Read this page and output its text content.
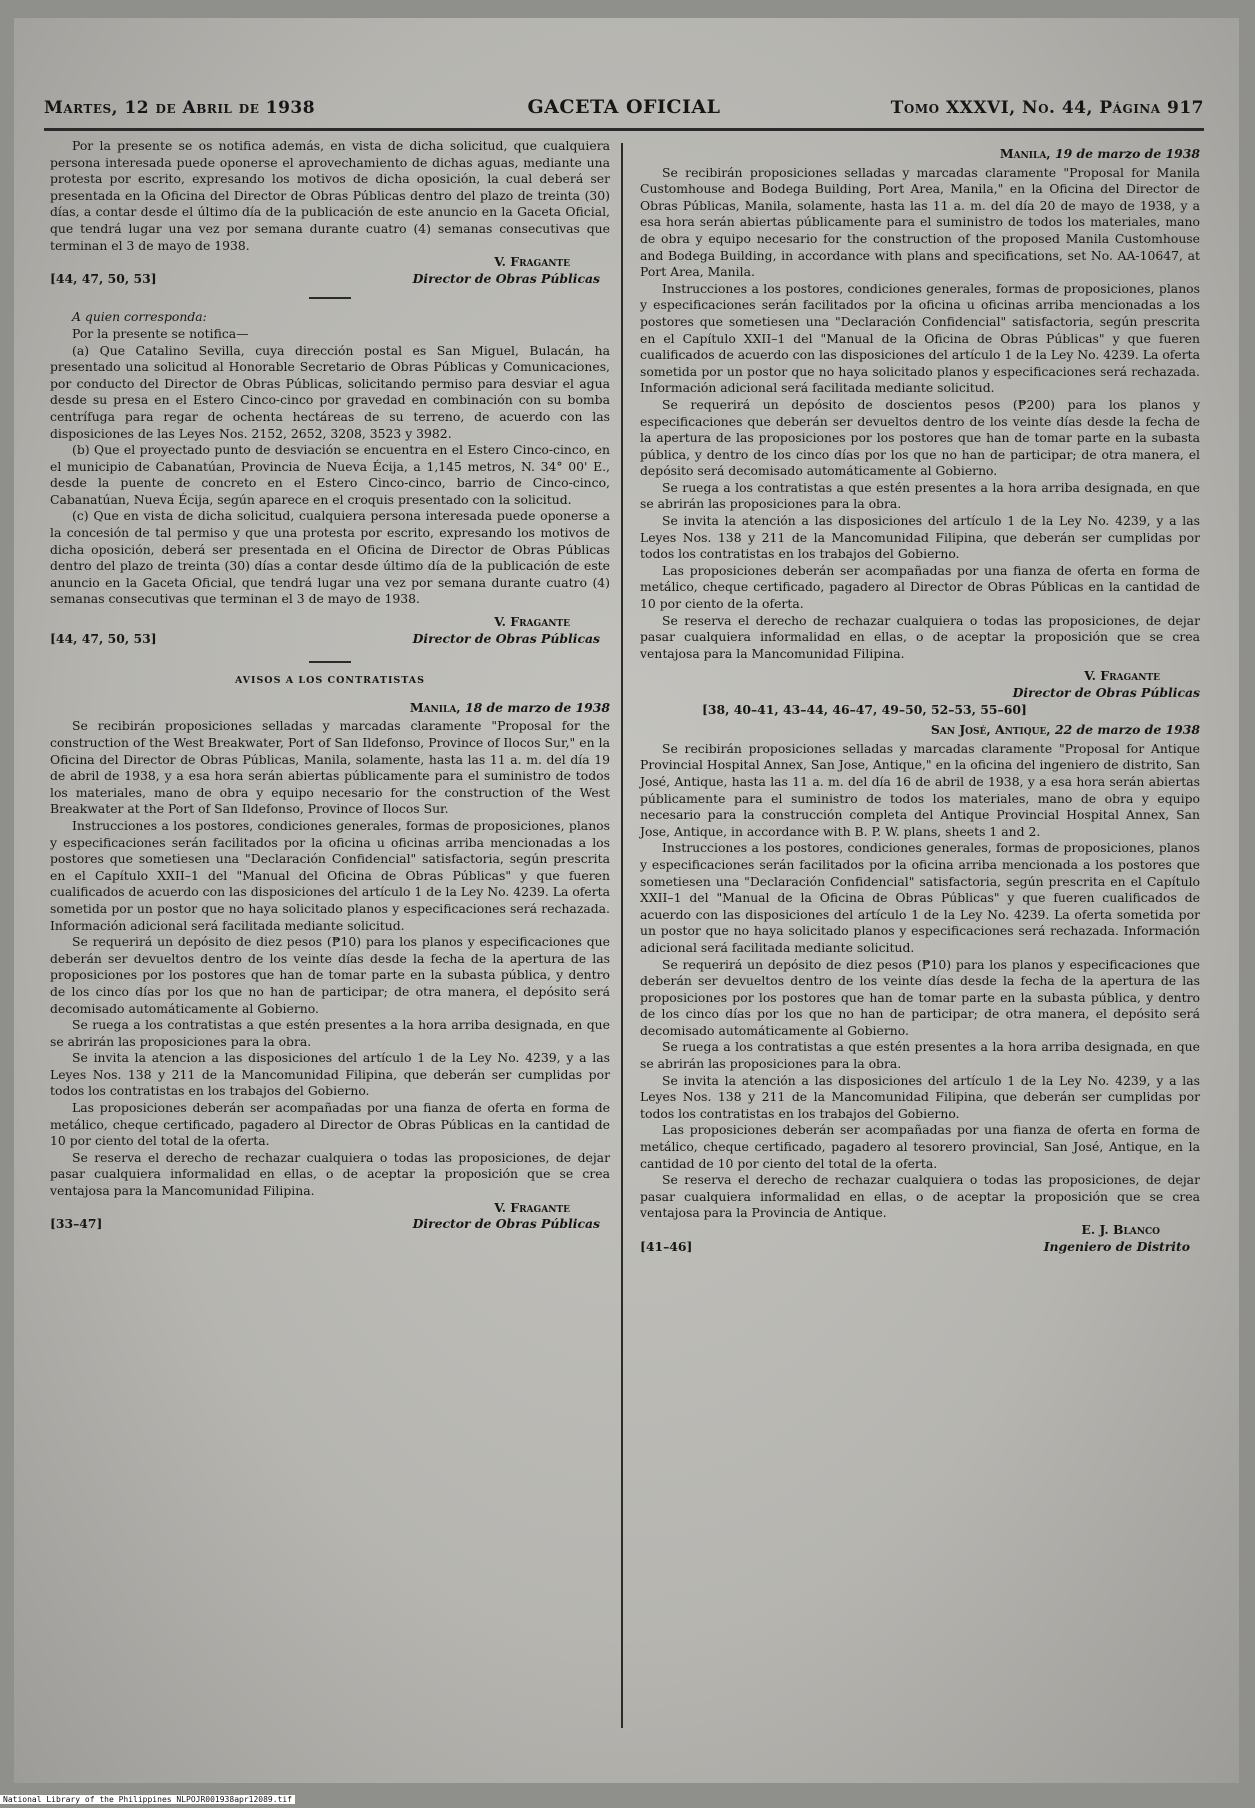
Martes, 12 de Abril de 1938	GACETA OFICIAL	Tomo XXXVI, No. 44, Página 917

Por la presente se os notifica además, en vista de dicha solicitud, que cualquiera persona interesada puede oponerse el aprovechamiento de dichas aguas, mediante una protesta por escrito, expresando los motivos de dicha oposición, la cual deberá ser presentada en la Oficina del Director de Obras Públicas dentro del plazo de treinta (30) días, a contar desde el último día de la publicación de este anuncio en la Gaceta Oficial, que tendrá lugar una vez por semana durante cuatro (4) semanas consecutivas que terminan el 3 de mayo de 1938.

V. Fragante

[44, 47, 50, 53]	Director de Obras Públicas

A quien corresponda:

Por la presente se notifica—

(a) Que Catalino Sevilla, cuya dirección postal es San Miguel, Bulacán, ha presentado una solicitud al Honorable Secretario de Obras Públicas y Comunicaciones, por conducto del Director de Obras Públicas, solicitando permiso para desviar el agua desde su presa en el Estero Cinco-cinco por gravedad en combinación con su bomba centrífuga para regar de ochenta hectáreas de su terreno, de acuerdo con las disposiciones de las Leyes Nos. 2152, 2652, 3208, 3523 y 3982.

(b) Que el proyectado punto de desviación se encuentra en el Estero Cinco-cinco, en el municipio de Cabanatúan, Provincia de Nueva Écija, a 1,145 metros, N. 34° 00' E., desde la puente de concreto en el Estero Cinco-cinco, barrio de Cinco-cinco, Cabanatúan, Nueva Écija, según aparece en el croquis presentado con la solicitud.

(c) Que en vista de dicha solicitud, cualquiera persona interesada puede oponerse a la concesión de tal permiso y que una protesta por escrito, expresando los motivos de dicha oposición, deberá ser presentada en el Oficina de Director de Obras Públicas dentro del plazo de treinta (30) días a contar desde último día de la publicación de este anuncio en la Gaceta Oficial, que tendrá lugar una vez por semana durante cuatro (4) semanas consecutivas que terminan el 3 de mayo de 1938.

V. Fragante

[44, 47, 50, 53]	Director de Obras Públicas
AVISOS A LOS CONTRATISTAS
Manila, 18 de marzo de 1938

Se recibirán proposiciones selladas y marcadas claramente "Proposal for the construction of the West Breakwater, Port of San Ildefonso, Province of Ilocos Sur," en la Oficina del Director de Obras Públicas, Manila, solamente, hasta las 11 a. m. del día 19 de abril de 1938, y a esa hora serán abiertas públicamente para el suministro de todos los materiales, mano de obra y equipo necesario for the construction of the West Breakwater at the Port of San Ildefonso, Province of Ilocos Sur.

Instrucciones a los postores, condiciones generales, formas de proposiciones, planos y especificaciones serán facilitados por la oficina u oficinas arriba mencionadas a los postores que sometiesen una "Declaración Confidencial" satisfactoria, según prescrita en el Capítulo XXII–1 del "Manual del Oficina de Obras Públicas" y que fueren cualificados de acuerdo con las disposiciones del artículo 1 de la Ley No. 4239. La oferta sometida por un postor que no haya solicitado planos y especificaciones será rechazada. Información adicional será facilitada mediante solicitud.

Se requerirá un depósito de diez pesos (₱10) para los planos y especificaciones que deberán ser devueltos dentro de los veinte días desde la fecha de la apertura de las proposiciones por los postores que han de tomar parte en la subasta pública, y dentro de los cinco días por los que no han de participar; de otra manera, el depósito será decomisado automáticamente al Gobierno.

Se ruega a los contratistas a que estén presentes a la hora arriba designada, en que se abrirán las proposiciones para la obra.

Se invita la atencion a las disposiciones del artículo 1 de la Ley No. 4239, y a las Leyes Nos. 138 y 211 de la Mancomunidad Filipina, que deberán ser cumplidas por todos los contratistas en los trabajos del Gobierno.

Las proposiciones deberán ser acompañadas por una fianza de oferta en forma de metálico, cheque certificado, pagadero al Director de Obras Públicas en la cantidad de 10 por ciento del total de la oferta.

Se reserva el derecho de rechazar cualquiera o todas las proposiciones, de dejar pasar cualquiera informalidad en ellas, o de aceptar la proposición que se crea ventajosa para la Mancomunidad Filipina.

V. Fragante

[33–47]	Director de Obras Públicas
Manila, 19 de marzo de 1938

Se recibirán proposiciones selladas y marcadas claramente "Proposal for Manila Customhouse and Bodega Building, Port Area, Manila," en la Oficina del Director de Obras Públicas, Manila, solamente, hasta las 11 a. m. del día 20 de mayo de 1938, y a esa hora serán abiertas públicamente para el suministro de todos los materiales, mano de obra y equipo necesario for the construction of the proposed Manila Customhouse and Bodega Building, in accordance with plans and specifications, set No. AA-10647, at Port Area, Manila.

Instrucciones a los postores, condiciones generales, formas de proposiciones, planos y especificaciones serán facilitados por la oficina u oficinas arriba mencionadas a los postores que sometiesen una "Declaración Confidencial" satisfactoria, según prescrita en el Capítulo XXII–1 del "Manual de la Oficina de Obras Públicas" y que fueren cualificados de acuerdo con las disposiciones del artículo 1 de la Ley No. 4239. La oferta sometida por un postor que no haya solicitado planos y especificaciones será rechazada. Información adicional será facilitada mediante solicitud.

Se requerirá un depósito de doscientos pesos (₱200) para los planos y especificaciones que deberán ser devueltos dentro de los veinte días desde la fecha de la apertura de las proposiciones por los postores que han de tomar parte en la subasta pública, y dentro de los cinco días por los que no han de participar; de otra manera, el depósito será decomisado automáticamente al Gobierno.

Se ruega a los contratistas a que estén presentes a la hora arriba designada, en que se abrirán las proposiciones para la obra.

Se invita la atención a las disposiciones del artículo 1 de la Ley No. 4239, y a las Leyes Nos. 138 y 211 de la Mancomunidad Filipina, que deberán ser cumplidas por todos los contratistas en los trabajos del Gobierno.

Las proposiciones deberán ser acompañadas por una fianza de oferta en forma de metálico, cheque certificado, pagadero al Director de Obras Públicas en la cantidad de 10 por ciento de la oferta.

Se reserva el derecho de rechazar cualquiera o todas las proposiciones, de dejar pasar cualquiera informalidad en ellas, o de aceptar la proposición que se crea ventajosa para la Mancomunidad Filipina.

V. Fragante
Director de Obras Públicas

[38, 40–41, 43–44, 46–47, 49–50, 52–53, 55–60]

San José, Antique, 22 de marzo de 1938

Se recibirán proposiciones selladas y marcadas claramente "Proposal for Antique Provincial Hospital Annex, San Jose, Antique," en la oficina del ingeniero de distrito, San José, Antique, hasta las 11 a. m. del día 16 de abril de 1938, y a esa hora serán abiertas públicamente para el suministro de todos los materiales, mano de obra y equipo necesario para la construcción completa del Antique Provincial Hospital Annex, San Jose, Antique, in accordance with B. P. W. plans, sheets 1 and 2.

Instrucciones a los postores, condiciones generales, formas de proposiciones, planos y especificaciones serán facilitados por la oficina arriba mencionada a los postores que sometiesen una "Declaración Confidencial" satisfactoria, según prescrita en el Capítulo XXII–1 del "Manual de la Oficina de Obras Públicas" y que fueren cualificados de acuerdo con las disposiciones del artículo 1 de la Ley No. 4239. La oferta sometida por un postor que no haya solicitado planos y especificaciones será rechazada. Información adicional será facilitada mediante solicitud.

Se requerirá un depósito de diez pesos (₱10) para los planos y especificaciones que deberán ser devueltos dentro de los veinte días desde la fecha de la apertura de las proposiciones por los postores que han de tomar parte en la subasta pública, y dentro de los cinco días por los que no han de participar; de otra manera, el depósito será decomisado automáticamente al Gobierno.

Se ruega a los contratistas a que estén presentes a la hora arriba designada, en que se abrirán las proposiciones para la obra.

Se invita la atención a las disposiciones del artículo 1 de la Ley No. 4239, y a las Leyes Nos. 138 y 211 de la Mancomunidad Filipina, que deberán ser cumplidas por todos los contratistas en los trabajos del Gobierno.

Las proposiciones deberán ser acompañadas por una fianza de oferta en forma de metálico, cheque certificado, pagadero al tesorero provincial, San José, Antique, en la cantidad de 10 por ciento del total de la oferta.

Se reserva el derecho de rechazar cualquiera o todas las proposiciones, de dejar pasar cualquiera informalidad en ellas, o de aceptar la proposición que se crea ventajosa para la Provincia de Antique.

E. J. Blanco

[41–46]	Ingeniero de Distrito
National Library of the Philippines NLPOJR001938apr12089.tif
